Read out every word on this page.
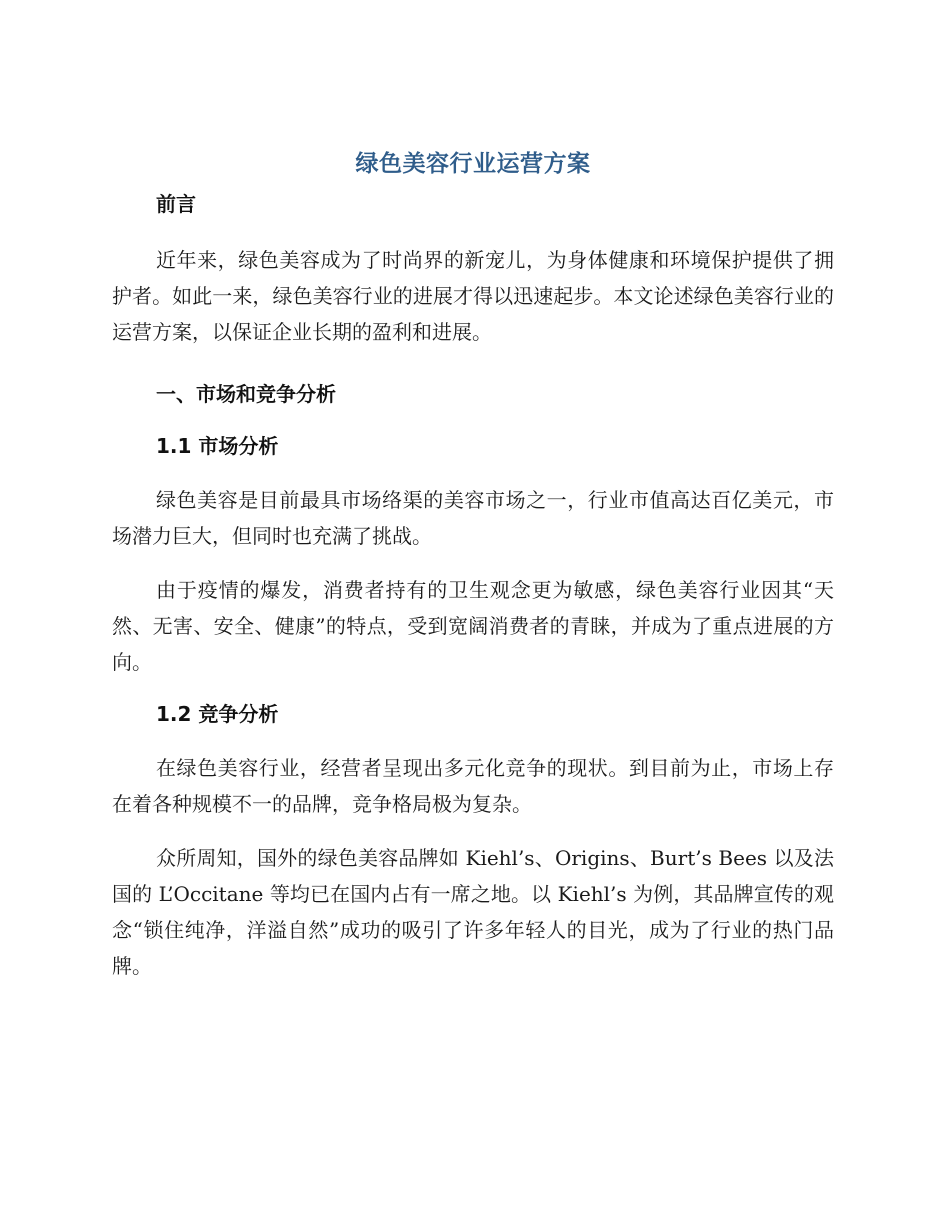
绿色美容行业运营方案
前言

近年来，绿色美容成为了时尚界的新宠儿，为身体健康和环境保护提供了拥护者。如此一来，绿色美容行业的进展才得以迅速起步。本文论述绿色美容行业的运营方案，以保证企业长期的盈利和进展。

一、市场和竞争分析
1.1 市场分析

绿色美容是目前最具市场络渠的美容市场之一，行业市值高达百亿美元，市场潜力巨大，但同时也充满了挑战。

由于疫情的爆发，消费者持有的卫生观念更为敏感，绿色美容行业因其“天然、无害、安全、健康”的特点，受到宽阔消费者的青睐，并成为了重点进展的方向。

1.2 竞争分析

在绿色美容行业，经营者呈现出多元化竞争的现状。到目前为止，市场上存在着各种规模不一的品牌，竞争格局极为复杂。

众所周知，国外的绿色美容品牌如 Kiehl’s、Origins、Burt’s Bees 以及法国的 L’Occitane 等均已在国内占有一席之地。以 Kiehl’s 为例，其品牌宣传的观念“锁住纯净，洋溢自然”成功的吸引了许多年轻人的目光，成为了行业的热门品牌。
